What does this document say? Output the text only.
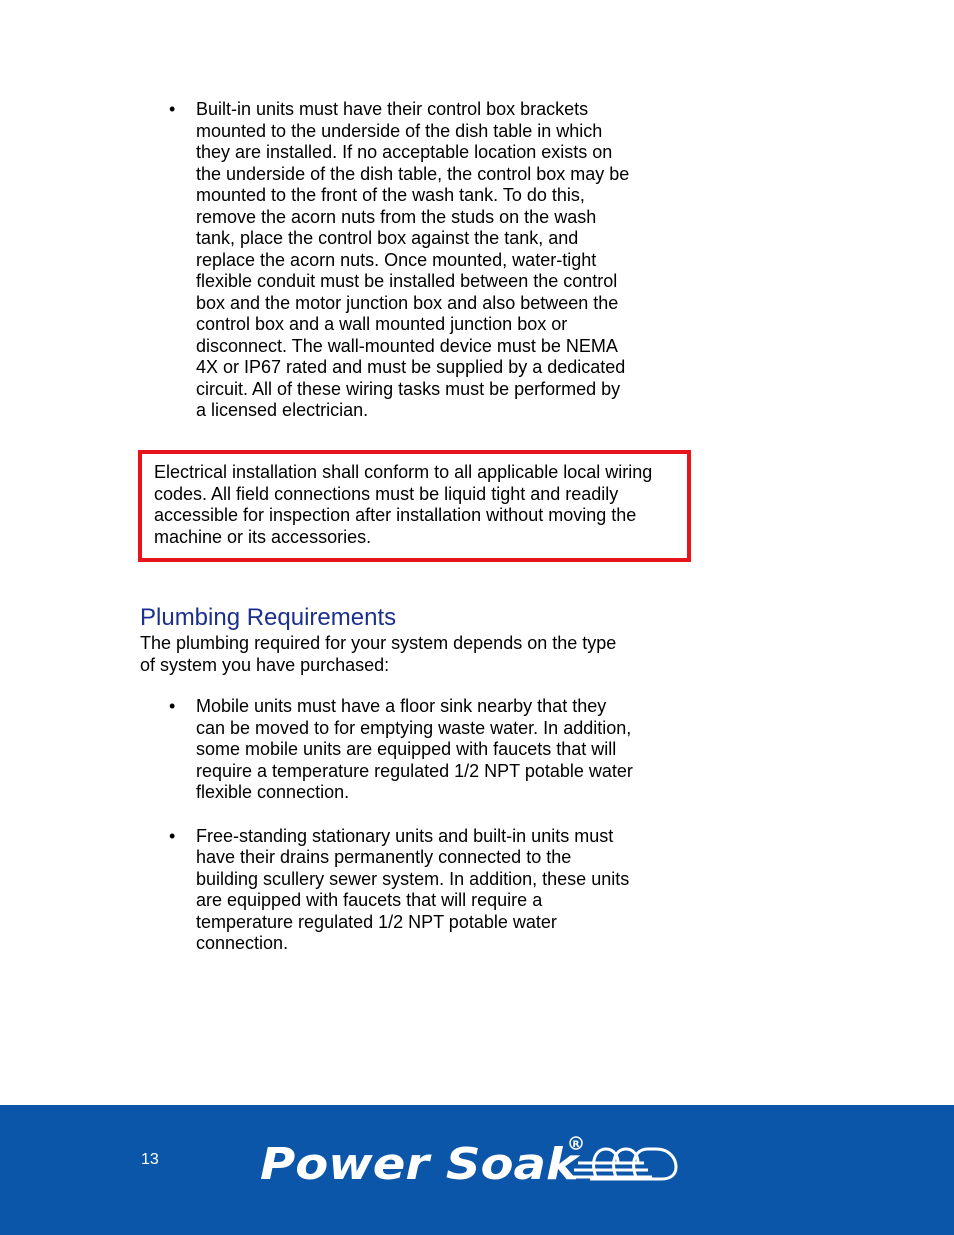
• Built-in units must have their control box brackets mounted to the underside of the dish table in which they are installed. If no acceptable location exists on the underside of the dish table, the control box may be mounted to the front of the wash tank. To do this, remove the acorn nuts from the studs on the wash tank, place the control box against the tank, and replace the acorn nuts. Once mounted, water-tight flexible conduit must be installed between the control box and the motor junction box and also between the control box and a wall mounted junction box or disconnect. The wall-mounted device must be NEMA 4X or IP67 rated and must be supplied by a dedicated circuit. All of these wiring tasks must be performed by a licensed electrician.
Electrical installation shall conform to all applicable local wiring codes. All field connections must be liquid tight and readily accessible for inspection after installation without moving the machine or its accessories.
Plumbing Requirements

The plumbing required for your system depends on the type of system you have purchased:

• Mobile units must have a floor sink nearby that they can be moved to for emptying waste water. In addition, some mobile units are equipped with faucets that will require a temperature regulated 1/2 NPT potable water flexible connection.
• Free-standing stationary units and built-in units must have their drains permanently connected to the building scullery sewer system. In addition, these units are equipped with faucets that will require a temperature regulated 1/2 NPT potable water connection.
13 Power Soak
R
